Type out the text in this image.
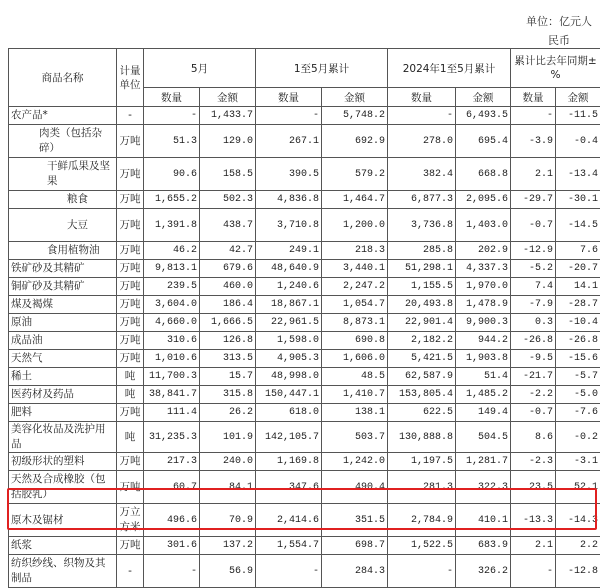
单位：亿元人民币
商品名称	计量单位	5月		1至5月累计		2024年1至5月累计		累计比去年同期±%	
		数量	金额	数量	金额	数量	金额	数量	金额
农产品*	-	-	1,433.7	-	5,748.2	-	6,493.5	-	-11.5
肉类（包括杂碎）	万吨	51.3	129.0	267.1	692.9	278.0	695.4	-3.9	-0.4
干鲜瓜果及坚果	万吨	90.6	158.5	390.5	579.2	382.4	668.8	2.1	-13.4
粮食	万吨	1,655.2	502.3	4,836.8	1,464.7	6,877.3	2,095.6	-29.7	-30.1
大豆	万吨	1,391.8	438.7	3,710.8	1,200.0	3,736.8	1,403.0	-0.7	-14.5
食用植物油	万吨	46.2	42.7	249.1	218.3	285.8	202.9	-12.9	7.6
铁矿砂及其精矿	万吨	9,813.1	679.6	48,640.9	3,440.1	51,298.1	4,337.3	-5.2	-20.7
铜矿砂及其精矿	万吨	239.5	460.0	1,240.6	2,247.2	1,155.5	1,970.0	7.4	14.1
煤及褐煤	万吨	3,604.0	186.4	18,867.1	1,054.7	20,493.8	1,478.9	-7.9	-28.7
原油	万吨	4,660.0	1,666.5	22,961.5	8,873.1	22,901.4	9,900.3	0.3	-10.4
成品油	万吨	310.6	126.8	1,598.0	690.8	2,182.2	944.2	-26.8	-26.8
天然气	万吨	1,010.6	313.5	4,905.3	1,606.0	5,421.5	1,903.8	-9.5	-15.6
稀土	吨	11,700.3	15.7	48,998.0	48.5	62,587.9	51.4	-21.7	-5.7
医药材及药品	吨	38,841.7	315.8	150,447.1	1,410.7	153,805.4	1,485.2	-2.2	-5.0
肥料	万吨	111.4	26.2	618.0	138.1	622.5	149.4	-0.7	-7.6
美容化妆品及洗护用品	吨	31,235.3	101.9	142,105.7	503.7	130,888.8	504.5	8.6	-0.2
初级形状的塑料	万吨	217.3	240.0	1,169.8	1,242.0	1,197.5	1,281.7	-2.3	-3.1
天然及合成橡胶（包括胶乳）	万吨	60.7	84.1	347.6	490.4	281.3	322.3	23.5	52.1
原木及锯材	万立方米	496.6	70.9	2,414.6	351.5	2,784.9	410.1	-13.3	-14.3
纸浆	万吨	301.6	137.2	1,554.7	698.7	1,522.5	683.9	2.1	2.2
纺织纱线、织物及其制品	-	-	56.9	-	284.3	-	326.2	-	-12.8
